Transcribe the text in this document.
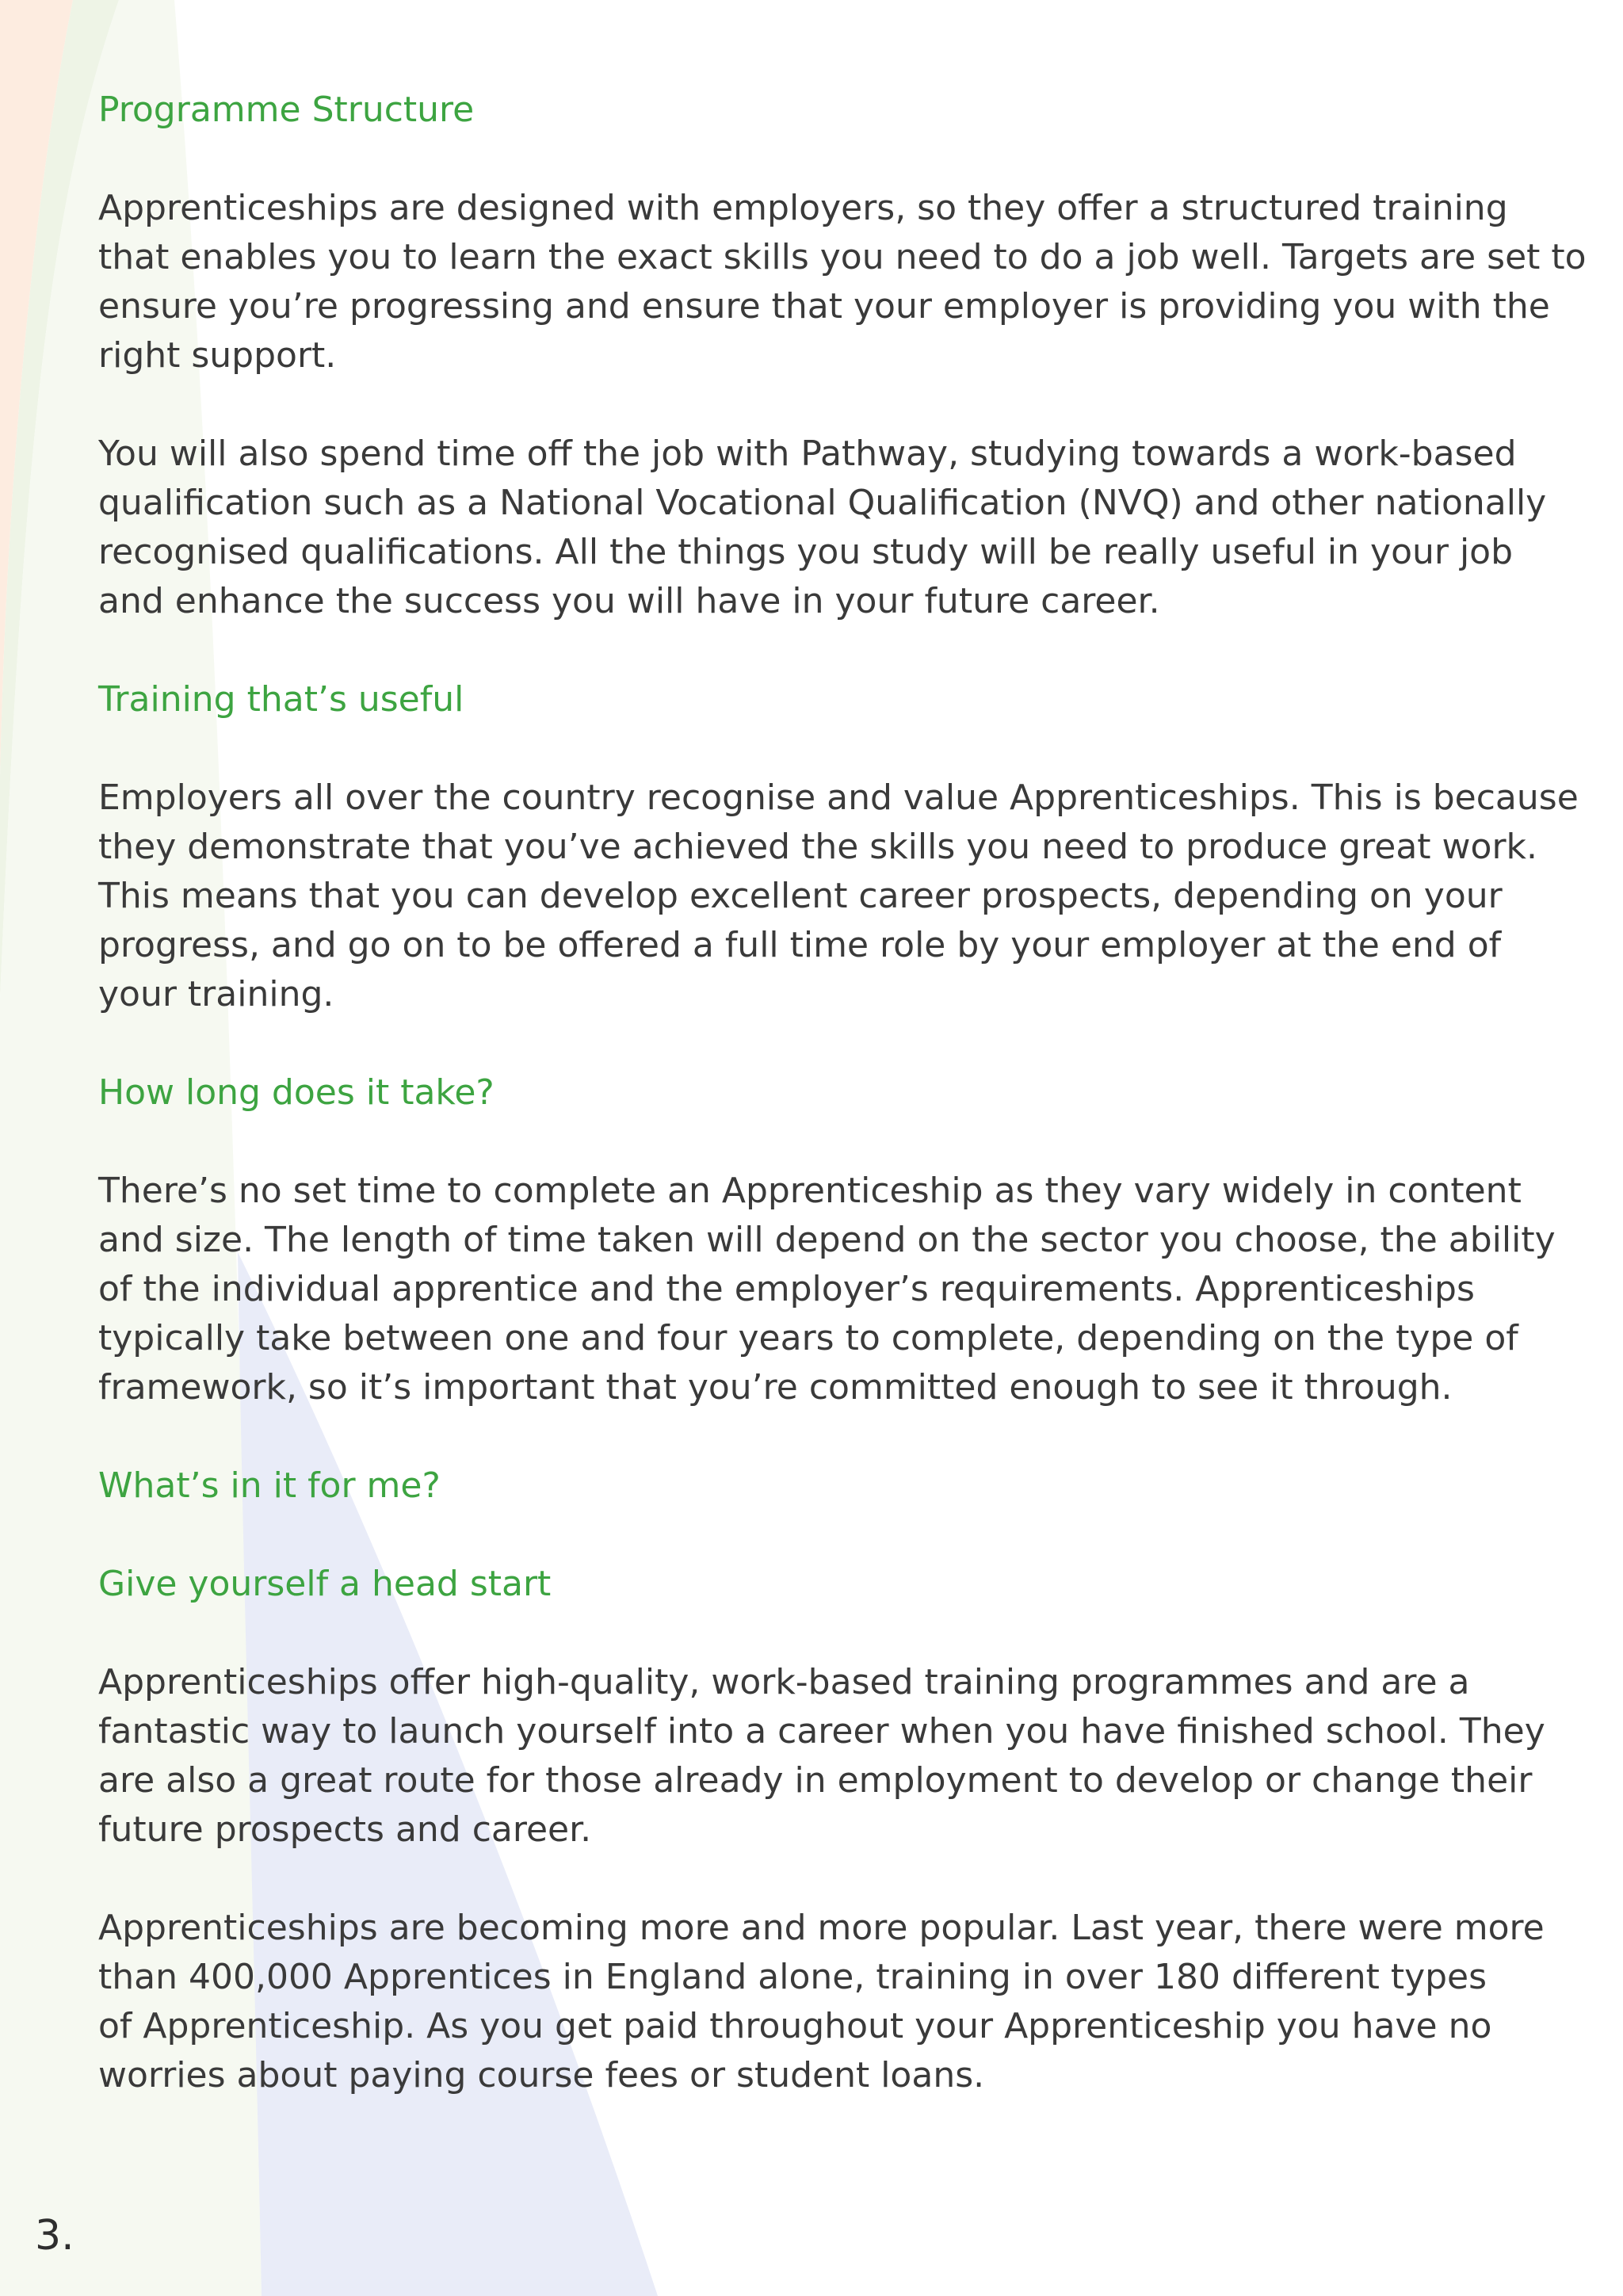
Programme Structure

Apprenticeships are designed with employers, so they offer a structured training
that enables you to learn the exact skills you need to do a job well. Targets are set to
ensure you’re progressing and ensure that your employer is providing you with the
right support.

You will also spend time off the job with Pathway, studying towards a work-based
qualification such as a National Vocational Qualification (NVQ) and other nationally
recognised qualifications. All the things you study will be really useful in your job
and enhance the success you will have in your future career.

Training that’s useful

Employers all over the country recognise and value Apprenticeships. This is because
they demonstrate that you’ve achieved the skills you need to produce great work.
This means that you can develop excellent career prospects, depending on your
progress, and go on to be offered a full time role by your employer at the end of
your training.

How long does it take?

There’s no set time to complete an Apprenticeship as they vary widely in content
and size. The length of time taken will depend on the sector you choose, the ability
of the individual apprentice and the employer’s requirements. Apprenticeships
typically take between one and four years to complete, depending on the type of
framework, so it’s important that you’re committed enough to see it through.

What’s in it for me?
Give yourself a head start

Apprenticeships offer high-quality, work-based training programmes and are a
fantastic way to launch yourself into a career when you have finished school. They
are also a great route for those already in employment to develop or change their
future prospects and career.

Apprenticeships are becoming more and more popular. Last year, there were more
than 400,000 Apprentices in England alone, training in over 180 different types
of Apprenticeship. As you get paid throughout your Apprenticeship you have no
worries about paying course fees or student loans.

3.
